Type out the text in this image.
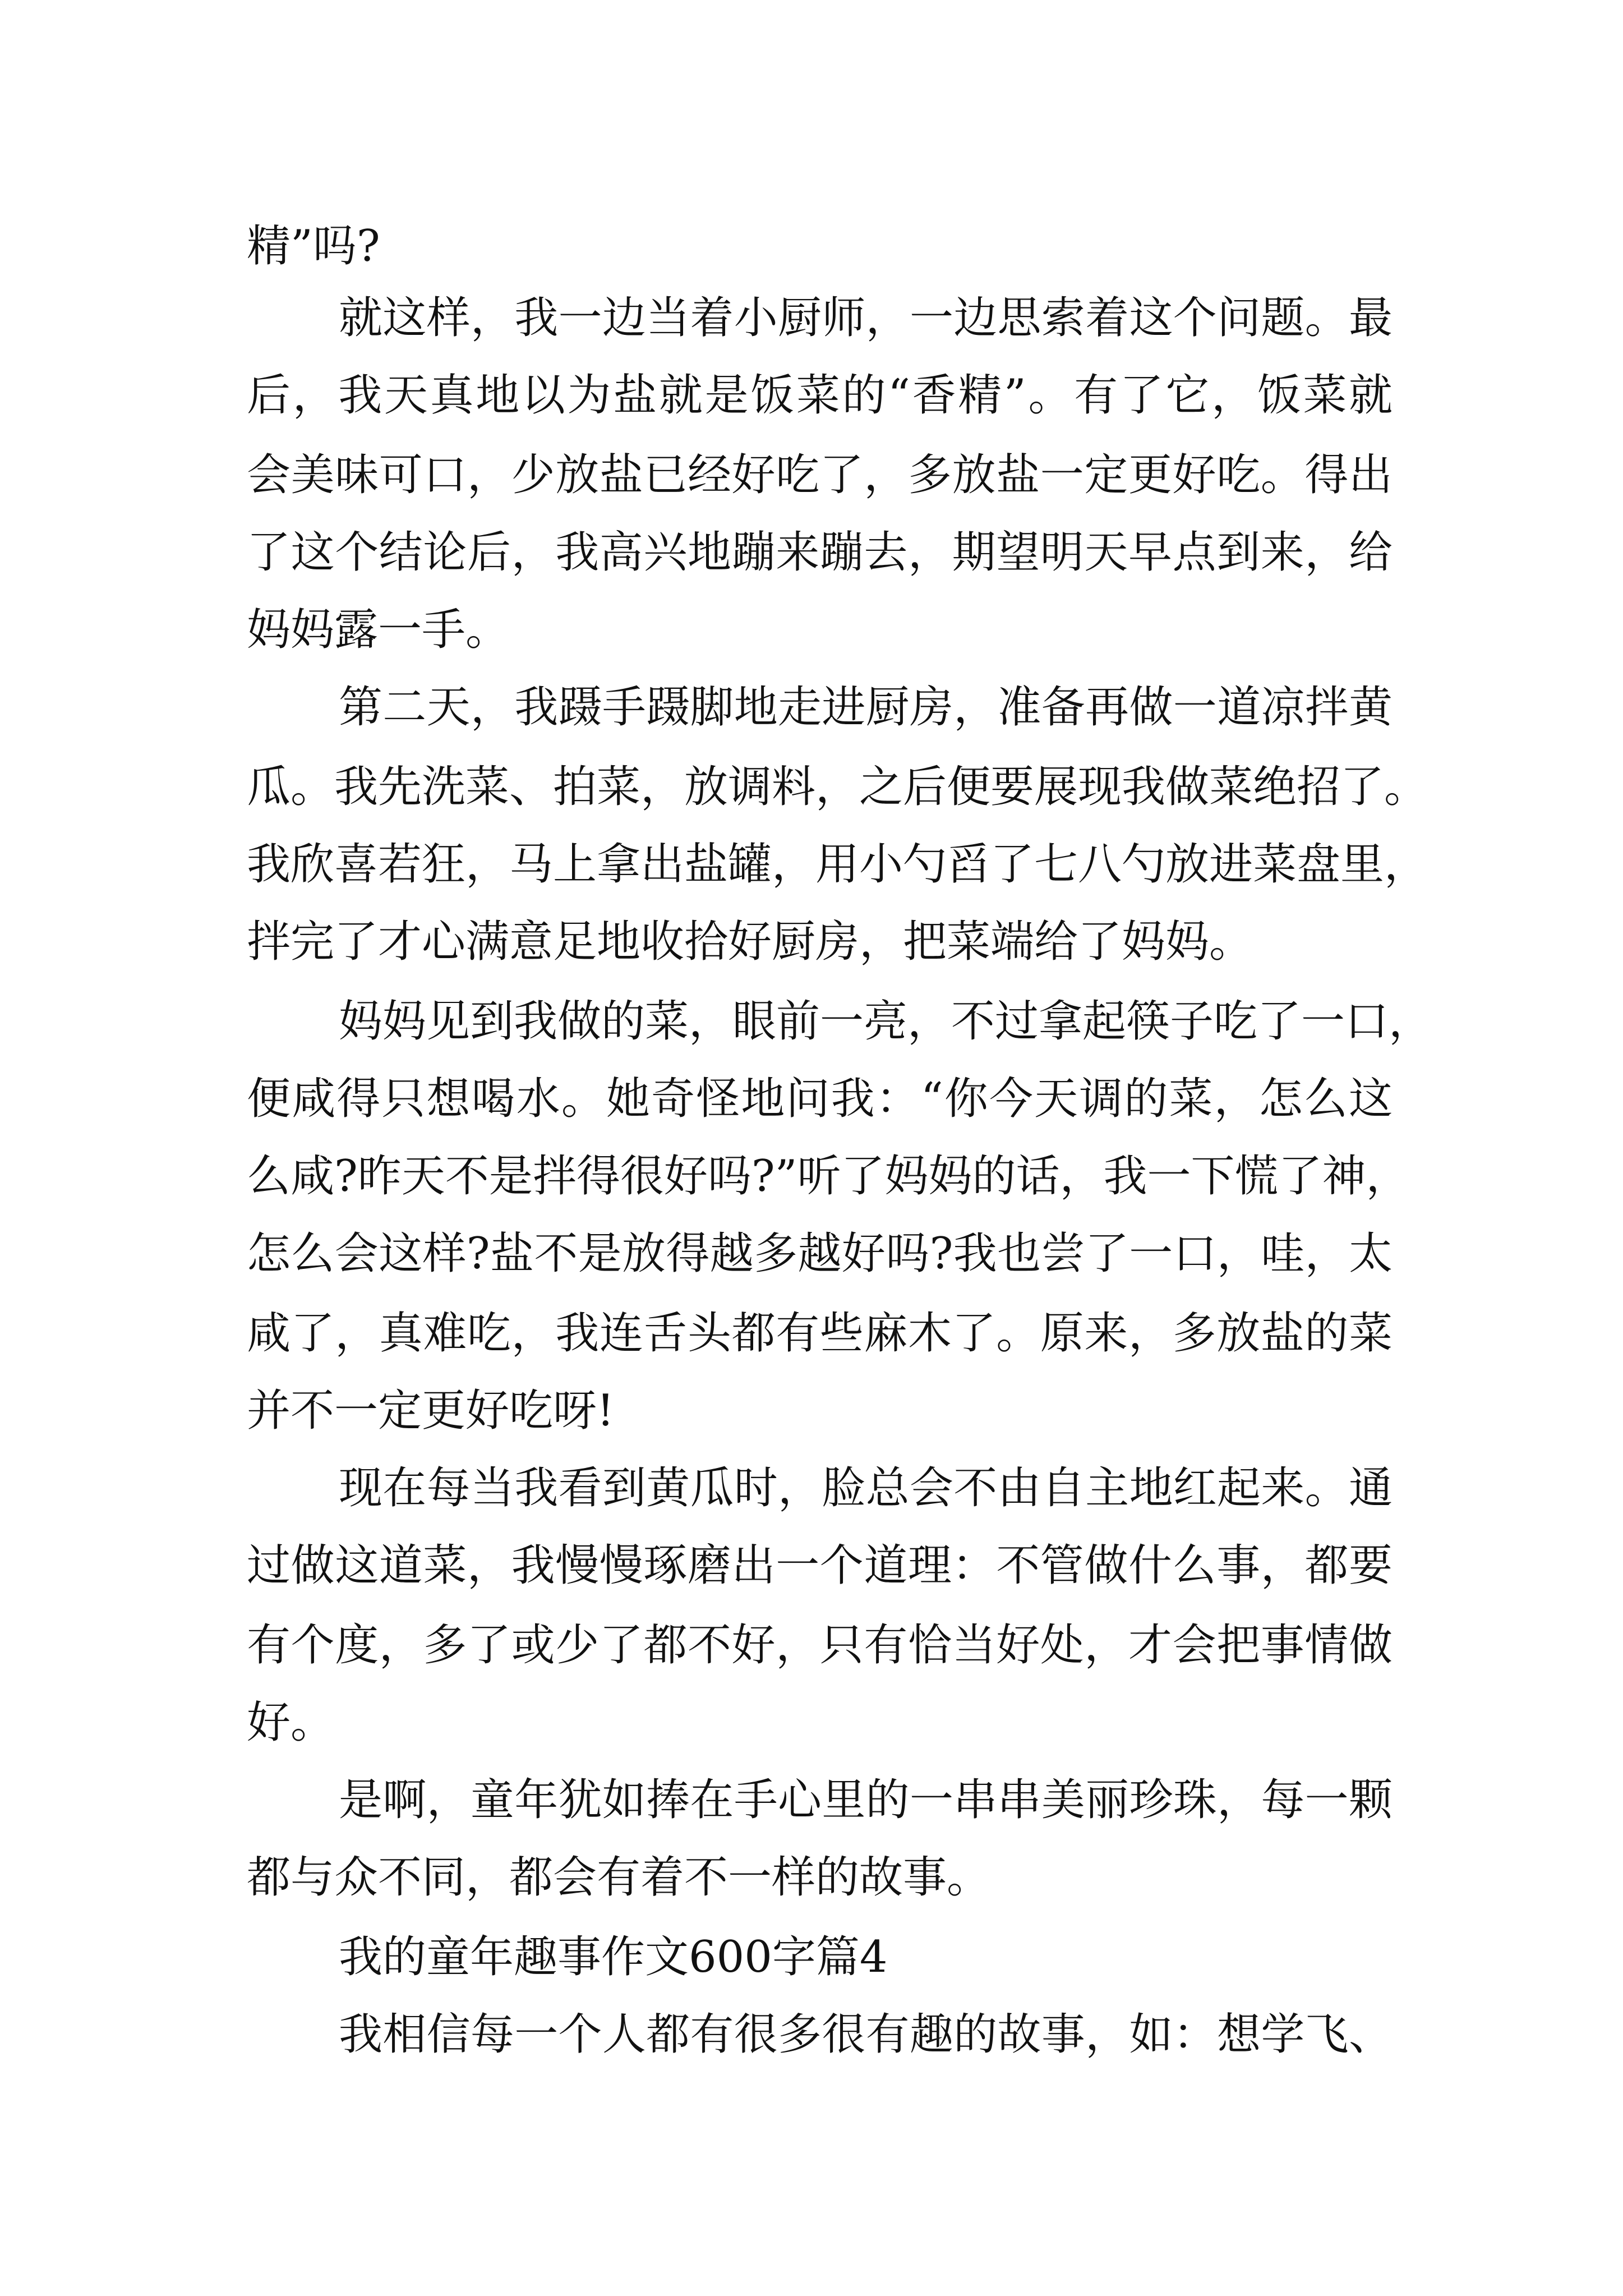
精”吗?
就这样，我一边当着小厨师，一边思索着这个问题。最
后，我天真地以为盐就是饭菜的“香精”。有了它，饭菜就
会美味可口，少放盐已经好吃了，多放盐一定更好吃。得出
了这个结论后，我高兴地蹦来蹦去，期望明天早点到来，给
妈妈露一手。
第二天，我蹑手蹑脚地走进厨房，准备再做一道凉拌黄
瓜。我先洗菜、拍菜，放调料，之后便要展现我做菜绝招了。
我欣喜若狂，马上拿出盐罐，用小勺舀了七八勺放进菜盘里，
拌完了才心满意足地收拾好厨房，把菜端给了妈妈。
妈妈见到我做的菜，眼前一亮，不过拿起筷子吃了一口，
便咸得只想喝水。她奇怪地问我：“你今天调的菜，怎么这
么咸?昨天不是拌得很好吗?”听了妈妈的话，我一下慌了神，
怎么会这样?盐不是放得越多越好吗?我也尝了一口，哇，太
咸了，真难吃，我连舌头都有些麻木了。原来，多放盐的菜
并不一定更好吃呀!
现在每当我看到黄瓜时，脸总会不由自主地红起来。通
过做这道菜，我慢慢琢磨出一个道理：不管做什么事，都要
有个度，多了或少了都不好，只有恰当好处，才会把事情做
好。
是啊，童年犹如捧在手心里的一串串美丽珍珠，每一颗
都与众不同，都会有着不一样的故事。
我的童年趣事作文600字篇4
我相信每一个人都有很多很有趣的故事，如：想学飞、
